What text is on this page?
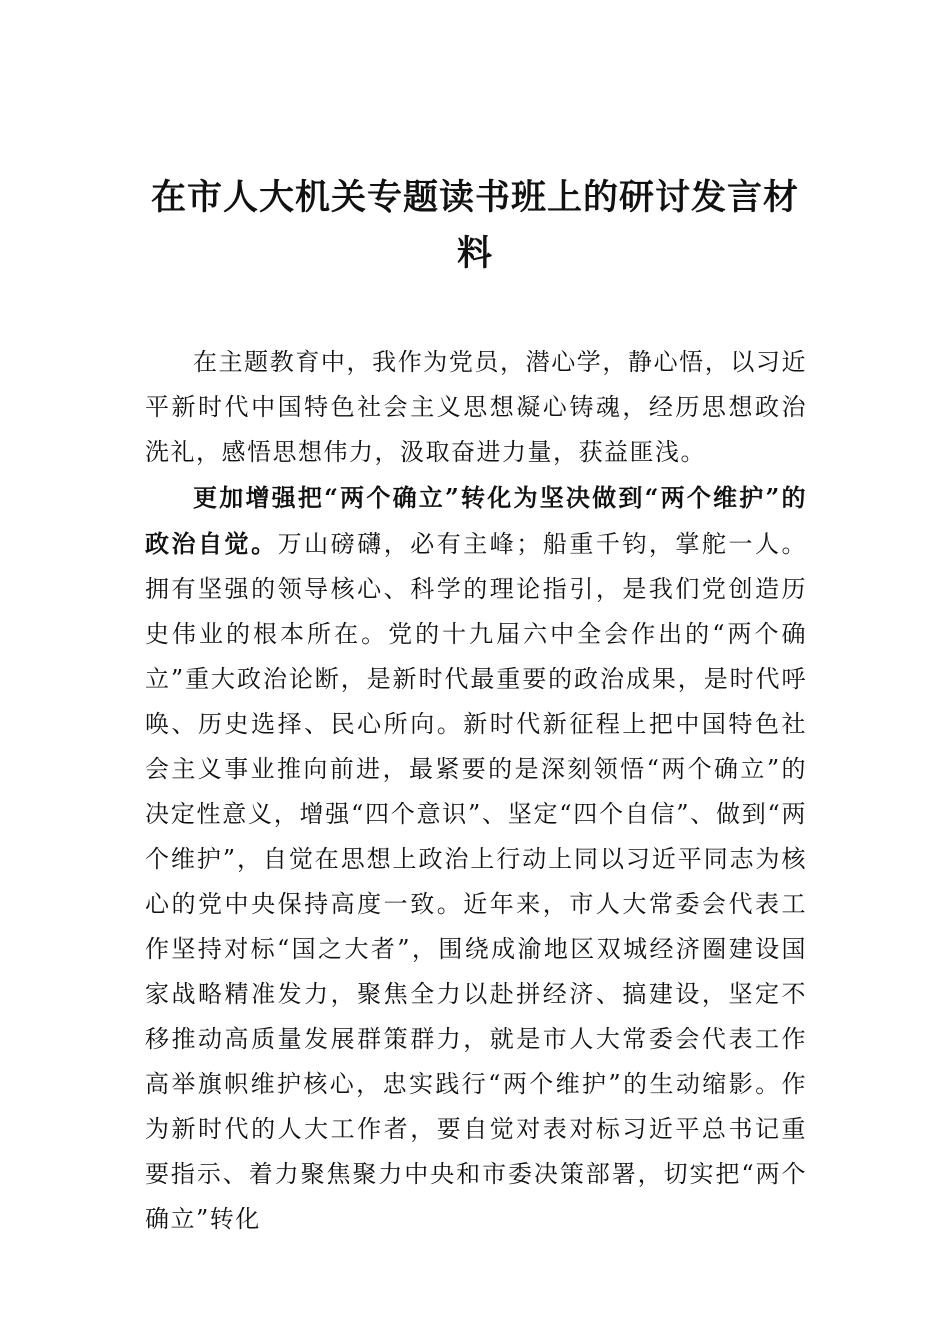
在市人大机关专题读书班上的研讨发言材料

在主题教育中，我作为党员，潜心学，静心悟，以习近平新时代中国特色社会主义思想凝心铸魂，经历思想政治洗礼，感悟思想伟力，汲取奋进力量，获益匪浅。

更加增强把“两个确立”转化为坚决做到“两个维护”的政治自觉。万山磅礴，必有主峰；船重千钧，掌舵一人。拥有坚强的领导核心、科学的理论指引，是我们党创造历史伟业的根本所在。党的十九届六中全会作出的“两个确立”重大政治论断，是新时代最重要的政治成果，是时代呼唤、历史选择、民心所向。新时代新征程上把中国特色社会主义事业推向前进，最紧要的是深刻领悟“两个确立”的决定性意义，增强“四个意识”、坚定“四个自信”、做到“两个维护”，自觉在思想上政治上行动上同以习近平同志为核心的党中央保持高度一致。近年来，市人大常委会代表工作坚持对标“国之大者”，围绕成渝地区双城经济圈建设国家战略精准发力，聚焦全力以赴拼经济、搞建设，坚定不移推动高质量发展群策群力，就是市人大常委会代表工作高举旗帜维护核心，忠实践行“两个维护”的生动缩影。作为新时代的人大工作者，要自觉对表对标习近平总书记重要指示、着力聚焦聚力中央和市委决策部署，切实把“两个确立”转化
